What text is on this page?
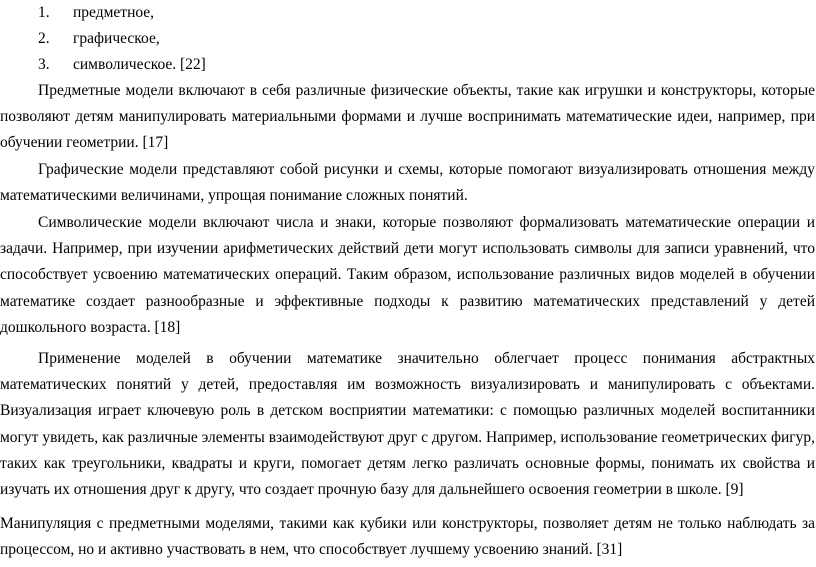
1. предметное,
2. графическое,
3. символическое. [22]

Предметные модели включают в себя различные физические объекты, такие как игрушки и конструкторы, которые позволяют детям манипулировать материальными формами и лучше воспринимать математические идеи, например, при обучении геометрии. [17]

Графические модели представляют собой рисунки и схемы, которые помогают визуализировать отношения между математическими величинами, упрощая понимание сложных понятий.

Символические модели включают числа и знаки, которые позволяют формализовать математические операции и задачи. Например, при изучении арифметических действий дети могут использовать символы для записи уравнений, что способствует усвоению математических операций. Таким образом, использование различных видов моделей в обучении математике создает разнообразные и эффективные подходы к развитию математических представлений у детей дошкольного возраста. [18]

Применение моделей в обучении математике значительно облегчает процесс понимания абстрактных математических понятий у детей, предоставляя им возможность визуализировать и манипулировать с объектами. Визуализация играет ключевую роль в детском восприятии математики: с помощью различных моделей воспитанники могут увидеть, как различные элементы взаимодействуют друг с другом. Например, использование геометрических фигур, таких как треугольники, квадраты и круги, помогает детям легко различать основные формы, понимать их свойства и изучать их отношения друг к другу, что создает прочную базу для дальнейшего освоения геометрии в школе. [9]

Манипуляция с предметными моделями, такими как кубики или конструкторы, позволяет детям не только наблюдать за процессом, но и активно участвовать в нем, что способствует лучшему усвоению знаний. [31]
